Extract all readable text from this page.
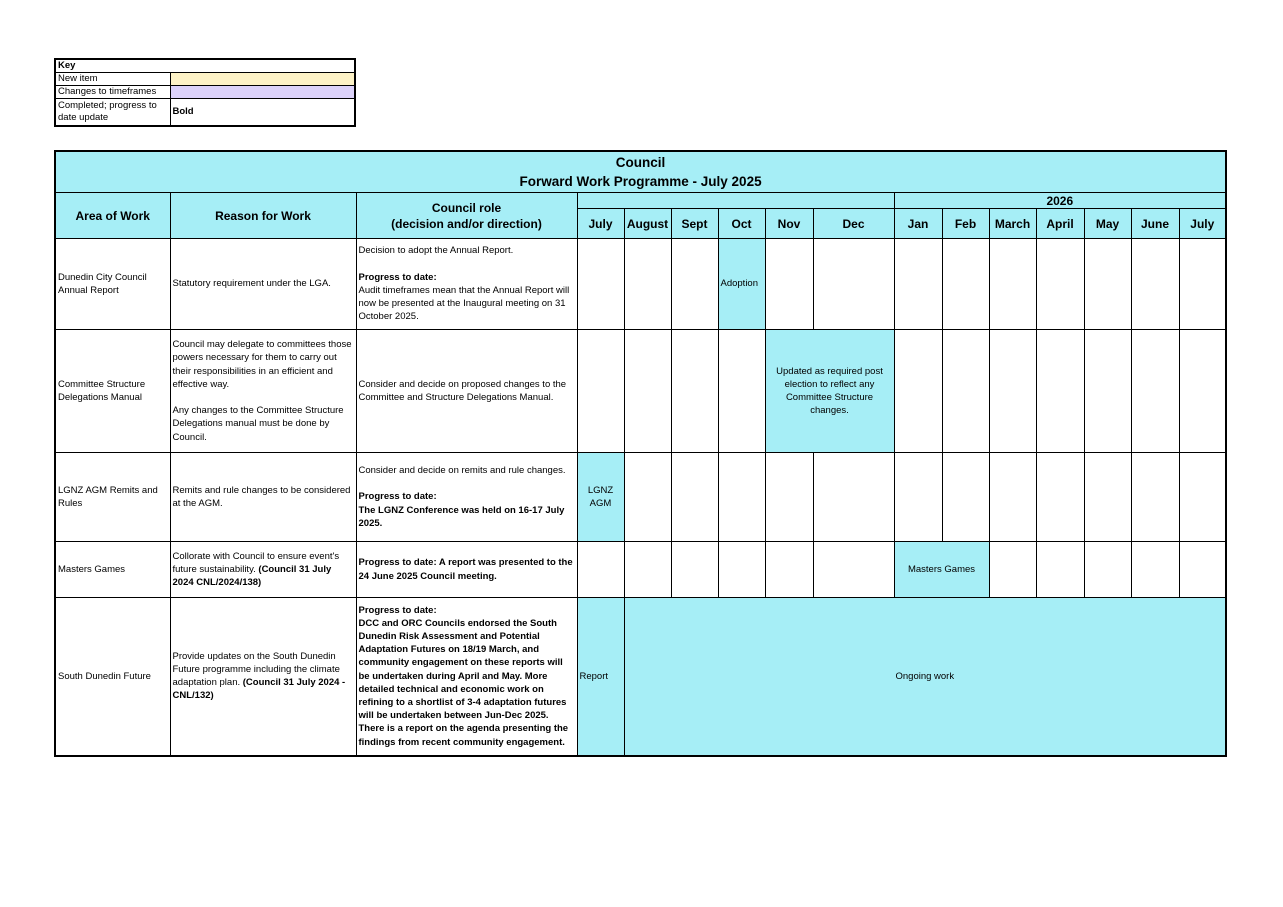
Key	
New item	
Changes to timeframes	
Completed; progress to date update	Bold
Council
Forward Work Programme - July 2025															

Area of Work	Reason for Work	Council role
(decision and/or direction)							2026						
			July	August	Sept	Oct	Nov	Dec	Jan	Feb	March	April	May	June	July
Dunedin City Council Annual Report	Statutory requirement under the LGA.	Decision to adopt the Annual Report.
Progress to date:
Audit timeframes mean that the Annual Report will now be presented at the Inaugural meeting on 31 October 2025.				Adoption									
Committee Structure Delegations Manual	Council may delegate to committees those powers necessary for them to carry out their responsibilities in an efficient and effective way.
Any changes to the Committee Structure Delegations manual must be done by Council.	Consider and decide on proposed changes to the Committee and Structure Delegations Manual.					Updated as required post election to reflect any Committee Structure changes.								
LGNZ AGM Remits and Rules	Remits and rule changes to be considered at the AGM.	Consider and decide on remits and rule changes.
Progress to date:
The LGNZ Conference was held on 16-17 July 2025.	LGNZ AGM												
Masters Games	Collorate with Council to ensure event's future sustainability. (Council 31 July 2024 CNL/2024/138)	Progress to date: A report was presented to the 24 June 2025 Council meeting.							Masters Games						
South Dunedin Future	Provide updates on the South Dunedin Future programme including the climate adaptation plan. (Council 31 July 2024 - CNL/132)	Progress to date:
DCC and ORC Councils endorsed the South Dunedin Risk Assessment and Potential Adaptation Futures on 18/19 March, and community engagement on these reports will be undertaken during April and May. More detailed technical and economic work on refining to a shortlist of 3-4 adaptation futures will be undertaken between Jun-Dec 2025. There is a report on the agenda presenting the findings from recent community engagement.	Report	Ongoing work											
